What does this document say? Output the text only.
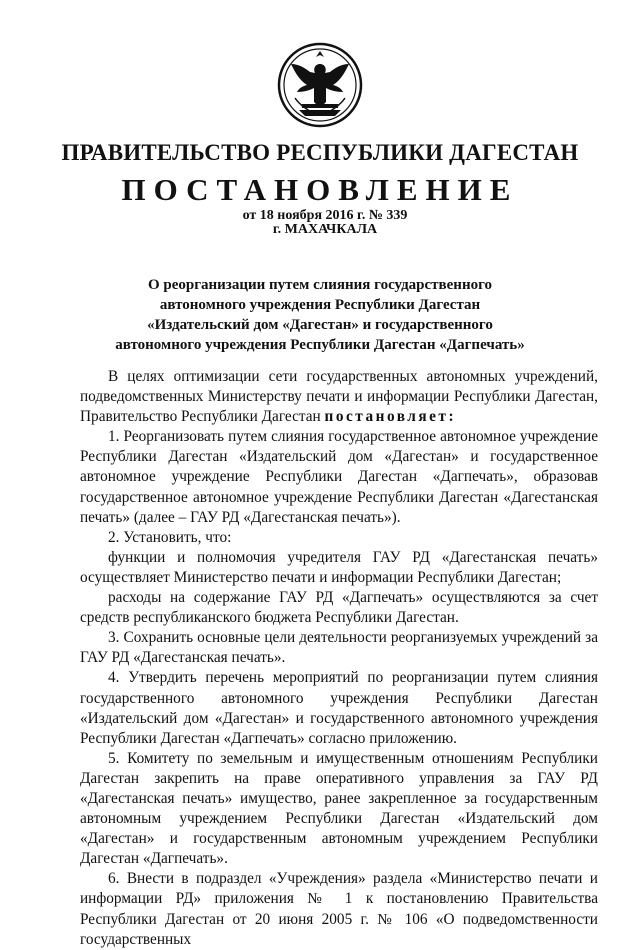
ПРАВИТЕЛЬСТВО РЕСПУБЛИКИ ДАГЕСТАН
ПОСТАНОВЛЕНИЕ
от 18 ноября 2016 г. № 339
г. МАХАЧКАЛА
О реорганизации путем слияния государственного
автономного учреждения Республики Дагестан
«Издательский дом «Дагестан» и государственного
автономного учреждения Республики Дагестан «Дагпечать»

В целях оптимизации сети государственных автономных учреждений, подведомственных Министерству печати и информации Республики Дагестан, Правительство Республики Дагестан постановляет:

1. Реорганизовать путем слияния государственное автономное учреждение Республики Дагестан «Издательский дом «Дагестан» и государственное автономное учреждение Республики Дагестан «Дагпечать», образовав государственное автономное учреждение Республики Дагестан «Дагестанская печать» (далее – ГАУ РД «Дагестанская печать»).

2. Установить, что:

функции и полномочия учредителя ГАУ РД «Дагестанская печать» осуществляет Министерство печати и информации Республики Дагестан;

расходы на содержание ГАУ РД «Дагпечать» осуществляются за счет средств республиканского бюджета Республики Дагестан.

3. Сохранить основные цели деятельности реорганизуемых учреждений за ГАУ РД «Дагестанская печать».

4. Утвердить перечень мероприятий по реорганизации путем слияния государственного автономного учреждения Республики Дагестан «Издательский дом «Дагестан» и государственного автономного учреждения Республики Дагестан «Дагпечать» согласно приложению.

5. Комитету по земельным и имущественным отношениям Республики Дагестан закрепить на праве оперативного управления за ГАУ РД «Дагестанская печать» имущество, ранее закрепленное за государственным автономным учреждением Республики Дагестан «Издательский дом «Дагестан» и государственным автономным учреждением Республики Дагестан «Дагпечать».

6. Внести в подраздел «Учреждения» раздела «Министерство печати и информации РД» приложения № 1 к постановлению Правительства Республики Дагестан от 20 июня 2005 г. № 106 «О подведомственности государственных
